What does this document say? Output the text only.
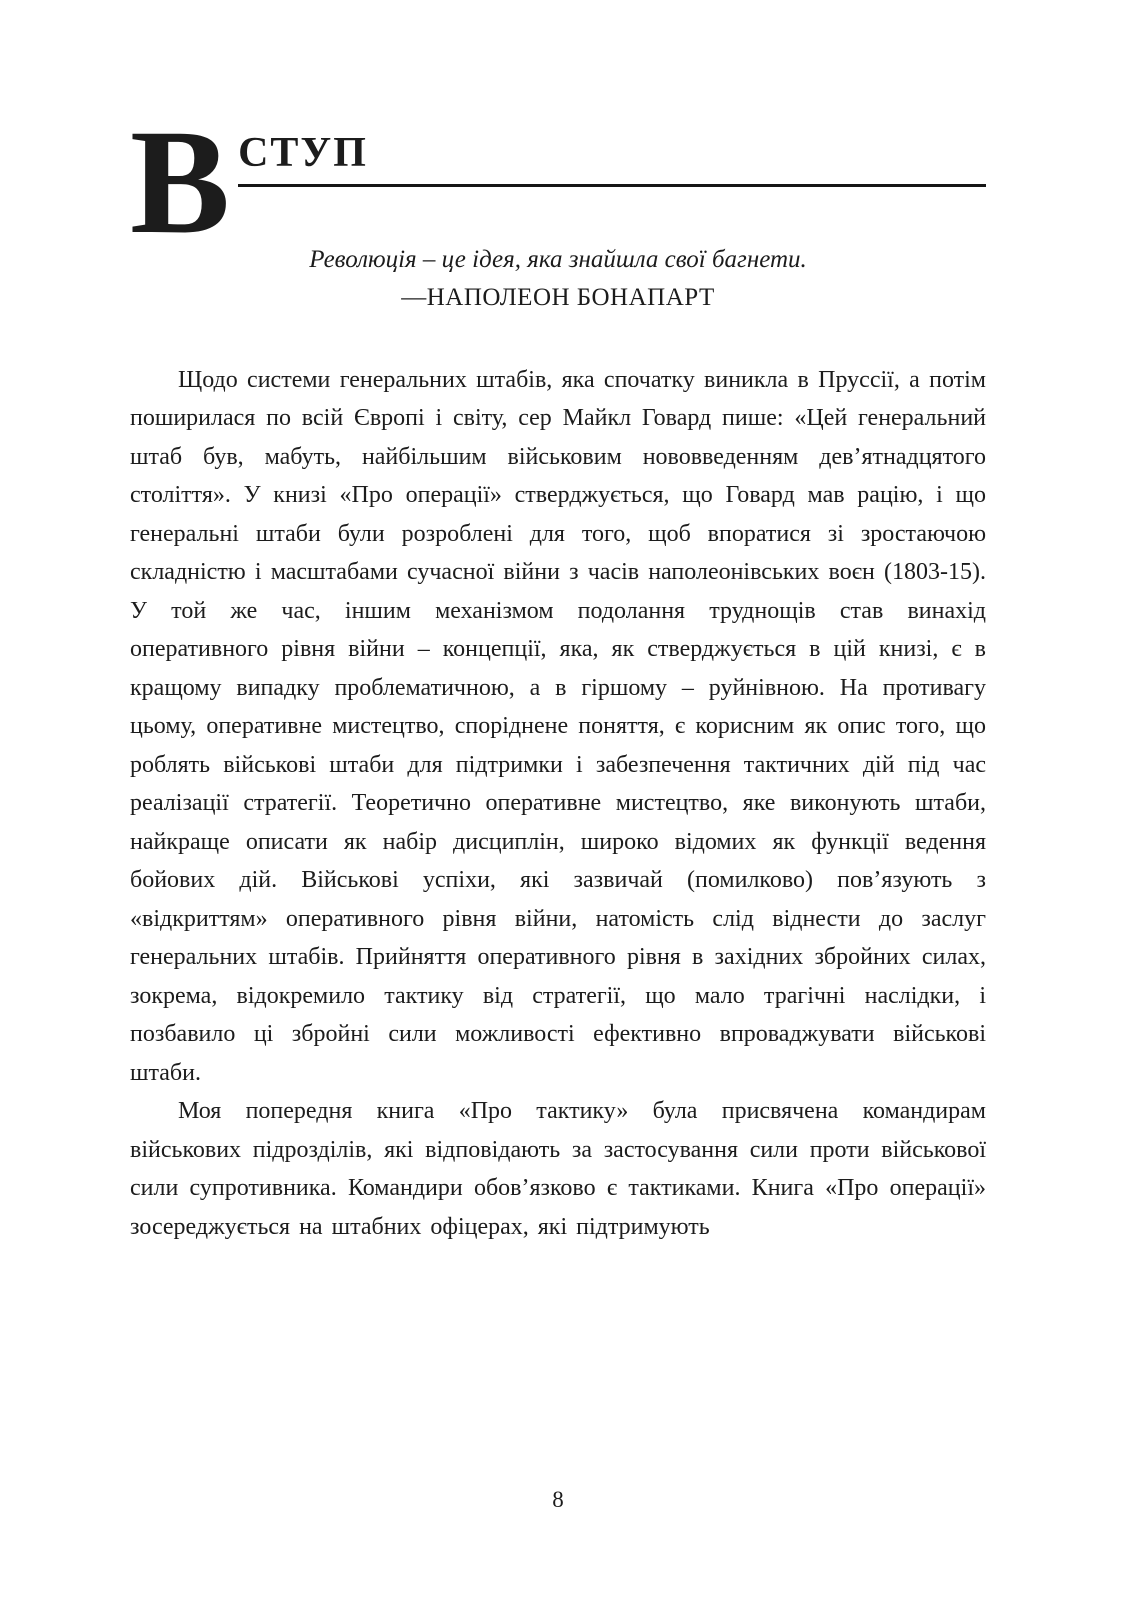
В СТУП
Революція – це ідея, яка знайшла свої багнети.
—НАПОЛЕОН БОНАПАРТ

Щодо системи генеральних штабів, яка спочатку виникла в Пруссії, а потім поширилася по всій Європі і світу, сер Майкл Говард пише: «Цей генеральний штаб був, мабуть, найбільшим військовим нововведенням дев’ятнадцятого століття». У книзі «Про операції» стверджується, що Говард мав рацію, і що генеральні штаби були розроблені для того, щоб впоратися зі зростаючою складністю і масштабами сучасної війни з часів наполеонівських воєн (1803-15). У той же час, іншим механізмом подолання труднощів став винахід оперативного рівня війни – концепції, яка, як стверджується в цій книзі, є в кращому випадку проблематичною, а в гіршому – руйнівною. На противагу цьому, оперативне мистецтво, споріднене поняття, є корисним як опис того, що роблять військові штаби для підтримки і забезпечення тактичних дій під час реалізації стратегії. Теоретично оперативне мистецтво, яке виконують штаби, найкраще описати як набір дисциплін, широко відомих як функції ведення бойових дій. Військові успіхи, які зазвичай (помилково) пов’язують з «відкриттям» оперативного рівня війни, натомість слід віднести до заслуг генеральних штабів. Прийняття оперативного рівня в західних збройних силах, зокрема, відокремило тактику від стратегії, що мало трагічні наслідки, і позбавило ці збройні сили можливості ефективно впроваджувати військові штаби.

Моя попередня книга «Про тактику» була присвячена командирам військових підрозділів, які відповідають за застосування сили проти військової сили супротивника. Командири обов’язково є тактиками. Книга «Про операції» зосереджується на штабних офіцерах, які підтримують

8
